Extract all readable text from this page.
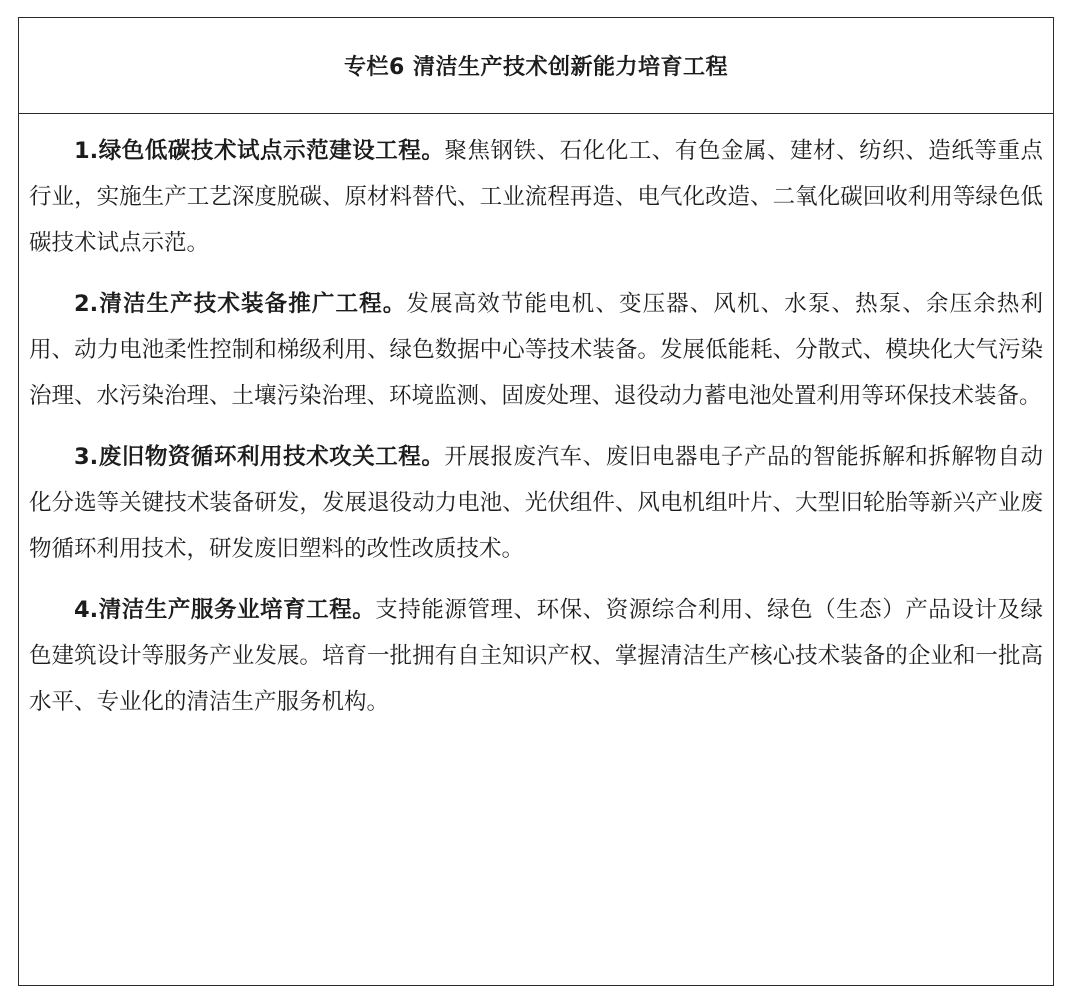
专栏6 清洁生产技术创新能力培育工程

1.绿色低碳技术试点示范建设工程。聚焦钢铁、石化化工、有色金属、建材、纺织、造纸等重点行业，实施生产工艺深度脱碳、原材料替代、工业流程再造、电气化改造、二氧化碳回收利用等绿色低碳技术试点示范。

2.清洁生产技术装备推广工程。发展高效节能电机、变压器、风机、水泵、热泵、余压余热利用、动力电池柔性控制和梯级利用、绿色数据中心等技术装备。发展低能耗、分散式、模块化大气污染治理、水污染治理、土壤污染治理、环境监测、固废处理、退役动力蓄电池处置利用等环保技术装备。

3.废旧物资循环利用技术攻关工程。开展报废汽车、废旧电器电子产品的智能拆解和拆解物自动化分选等关键技术装备研发，发展退役动力电池、光伏组件、风电机组叶片、大型旧轮胎等新兴产业废物循环利用技术，研发废旧塑料的改性改质技术。

4.清洁生产服务业培育工程。支持能源管理、环保、资源综合利用、绿色（生态）产品设计及绿色建筑设计等服务产业发展。培育一批拥有自主知识产权、掌握清洁生产核心技术装备的企业和一批高水平、专业化的清洁生产服务机构。
